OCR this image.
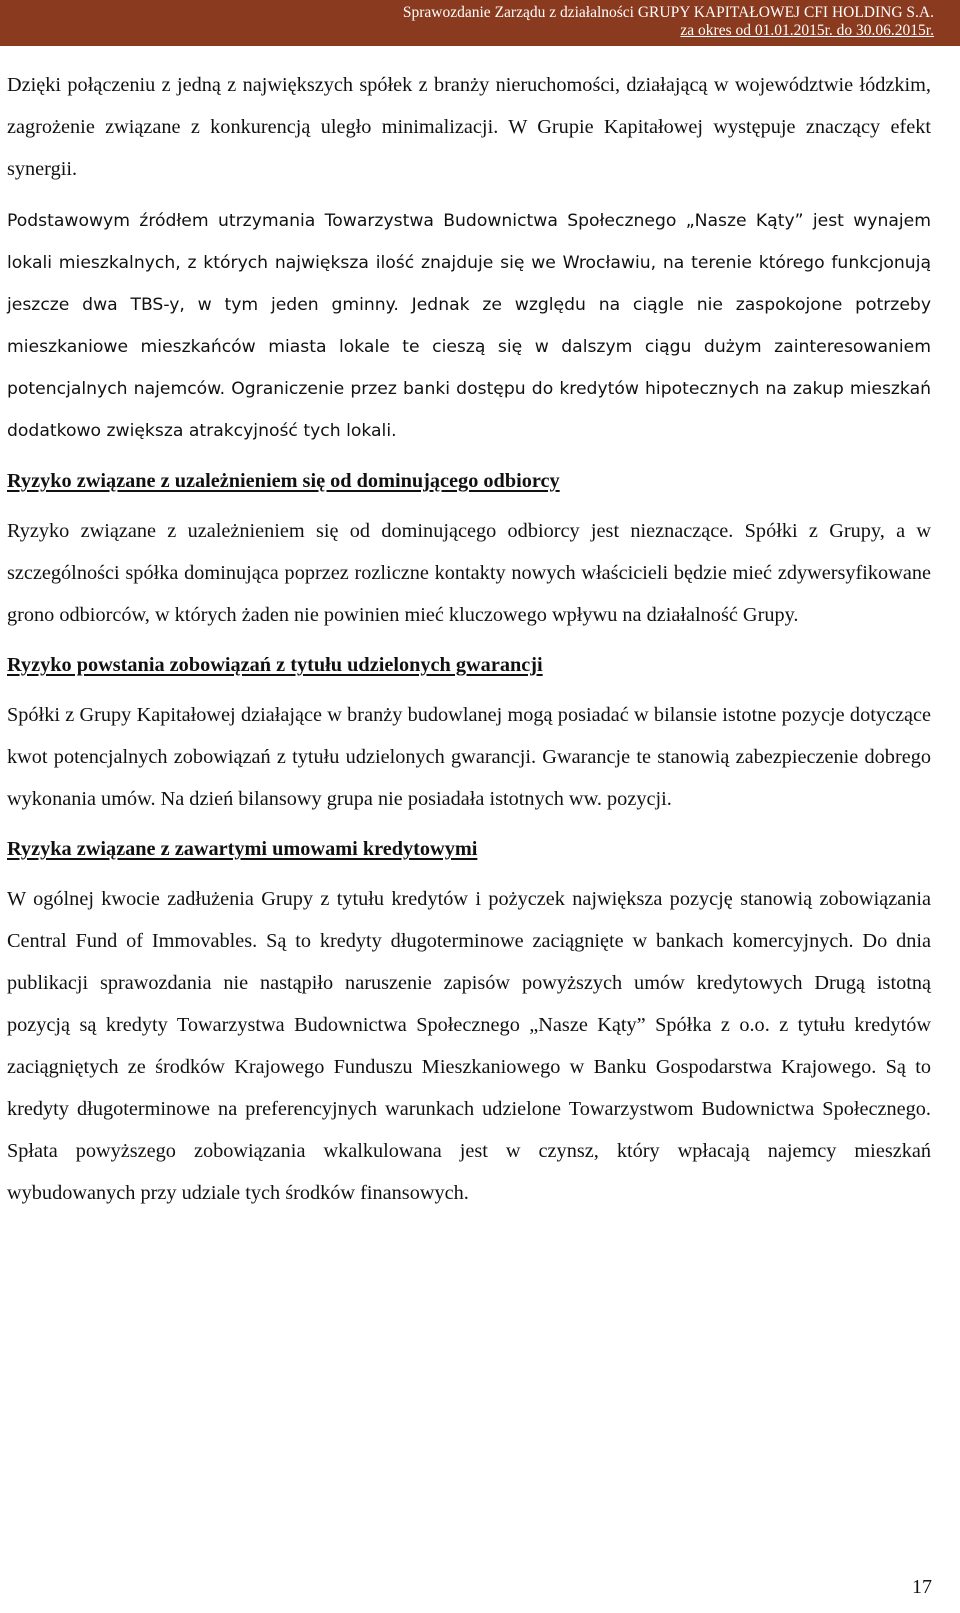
Sprawozdanie Zarządu z działalności GRUPY KAPITAŁOWEJ CFI HOLDING S.A.
za okres od 01.01.2015r. do 30.06.2015r.

Dzięki połączeniu z jedną z największych spółek z branży nieruchomości, działającą w województwie łódzkim, zagrożenie związane z konkurencją uległo minimalizacji. W Grupie Kapitałowej występuje znaczący efekt synergii.

Podstawowym źródłem utrzymania Towarzystwa Budownictwa Społecznego „Nasze Kąty” jest wynajem lokali mieszkalnych, z których największa ilość znajduje się we Wrocławiu, na terenie którego funkcjonują jeszcze dwa TBS-y, w tym jeden gminny. Jednak ze względu na ciągle nie zaspokojone potrzeby mieszkaniowe mieszkańców miasta lokale te cieszą się w dalszym ciągu dużym zainteresowaniem potencjalnych najemców. Ograniczenie przez banki dostępu do kredytów hipotecznych na zakup mieszkań dodatkowo zwiększa atrakcyjność tych lokali.

Ryzyko związane z uzależnieniem się od dominującego odbiorcy

Ryzyko związane z uzależnieniem się od dominującego odbiorcy jest nieznaczące. Spółki z Grupy, a w szczególności spółka dominująca poprzez rozliczne kontakty nowych właścicieli będzie mieć zdywersyfikowane grono odbiorców, w których żaden nie powinien mieć kluczowego wpływu na działalność Grupy.

Ryzyko powstania zobowiązań z tytułu udzielonych gwarancji

Spółki z Grupy Kapitałowej działające w branży budowlanej mogą posiadać w bilansie istotne pozycje dotyczące kwot potencjalnych zobowiązań z tytułu udzielonych gwarancji. Gwarancje te stanowią zabezpieczenie dobrego wykonania umów. Na dzień bilansowy grupa nie posiadała istotnych ww. pozycji.

Ryzyka związane z zawartymi umowami kredytowymi

W ogólnej kwocie zadłużenia Grupy z tytułu kredytów i pożyczek największa pozycję stanowią zobowiązania Central Fund of Immovables. Są to kredyty długoterminowe zaciągnięte w bankach komercyjnych. Do dnia publikacji sprawozdania nie nastąpiło naruszenie zapisów powyższych umów kredytowych Drugą istotną pozycją są kredyty Towarzystwa Budownictwa Społecznego „Nasze Kąty” Spółka z o.o. z tytułu kredytów zaciągniętych ze środków Krajowego Funduszu Mieszkaniowego w Banku Gospodarstwa Krajowego. Są to kredyty długoterminowe na preferencyjnych warunkach udzielone Towarzystwom Budownictwa Społecznego. Spłata powyższego zobowiązania wkalkulowana jest w czynsz, który wpłacają najemcy mieszkań wybudowanych przy udziale tych środków finansowych.

17
